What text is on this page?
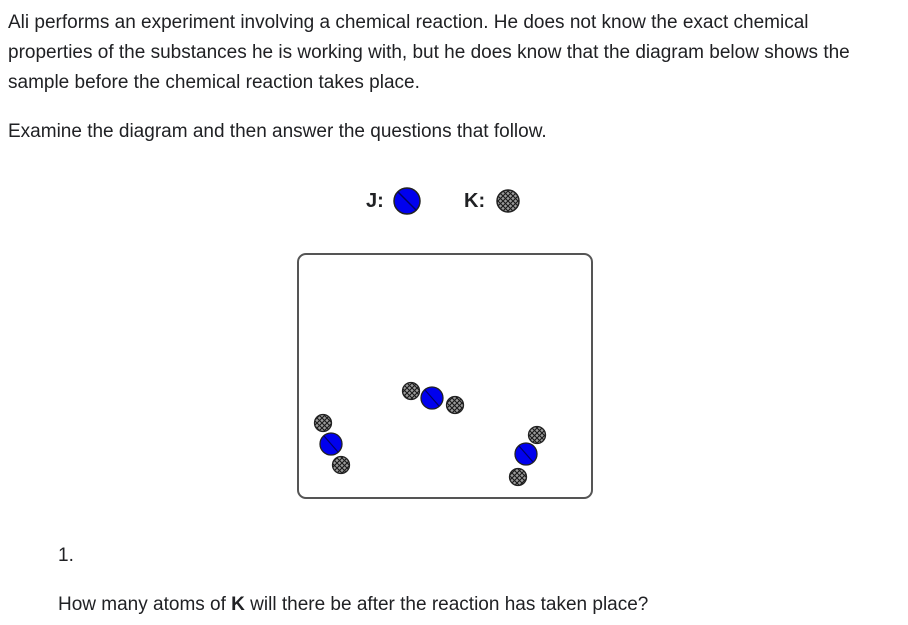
Ali performs an experiment involving a chemical reaction. He does not know the exact chemical properties of the substances he is working with, but he does know that the diagram below shows the sample before the chemical reaction takes place.

Examine the diagram and then answer the questions that follow.

J:	K:
1.
How many atoms of K will there be after the reaction has taken place?
